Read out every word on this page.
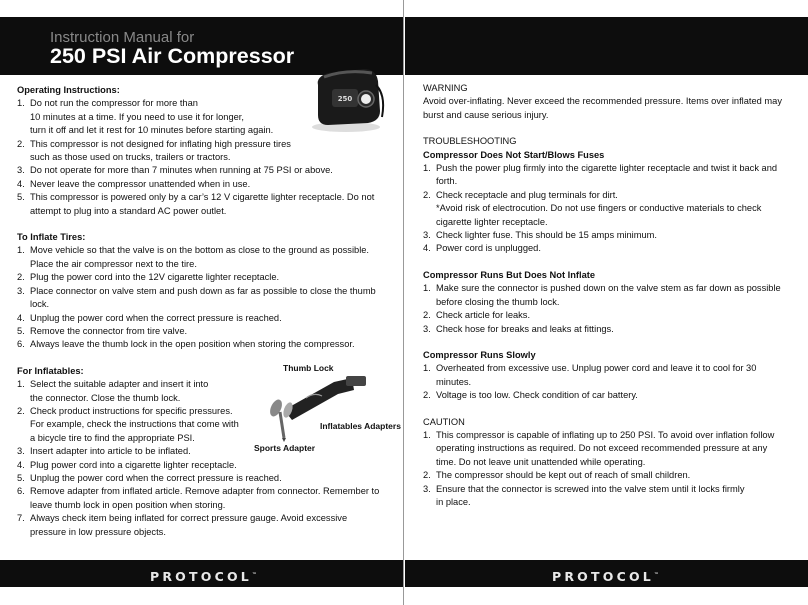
Instruction Manual for
250 PSI Air Compressor
250

Operating Instructions:

1. Do not run the compressor for more than
10 minutes at a time. If you need to use it for longer,
turn it off and let it rest for 10 minutes before starting again.
2. This compressor is not designed for inflating high pressure tires
such as those used on trucks, trailers or tractors.
3. Do not operate for more than 7 minutes when running at 75 PSI or above.
4. Never leave the compressor unattended when in use.
5. This compressor is powered only by a car’s 12 V cigarette lighter receptacle. Do not
attempt to plug into a standard AC power outlet.

To Inflate Tires:

1. Move vehicle so that the valve is on the bottom as close to the ground as possible.
Place the air compressor next to the tire.
2. Plug the power cord into the 12V cigarette lighter receptacle.
3. Place connector on valve stem and push down as far as possible to close the thumb
lock.
4. Unplug the power cord when the correct pressure is reached.
5. Remove the connector from tire valve.
6. Always leave the thumb lock in the open position when storing the compressor.

For Inflatables:

1. Select the suitable adapter and insert it into
the connector. Close the thumb lock.
2. Check product instructions for specific pressures.
For example, check the instructions that come with
a bicycle tire to find the appropriate PSI.
3. Insert adapter into article to be inflated.
4. Plug power cord into a cigarette lighter receptacle.
5. Unplug the power cord when the correct pressure is reached.
6. Remove adapter from inflated article. Remove adapter from connector. Remember to
leave thumb lock in open position when storing.
7. Always check item being inflated for correct pressure gauge. Avoid excessive
pressure in low pressure objects.
Thumb Lock
Inflatables Adapters
Sports Adapter
PROTOCOL™

WARNING

Avoid over-inflating. Never exceed the recommended pressure. Items over inflated may
burst and cause serious injury.

TROUBLESHOOTING

Compressor Does Not Start/Blows Fuses

1. Push the power plug firmly into the cigarette lighter receptacle and twist it back and
forth.
2. Check receptacle and plug terminals for dirt.
*Avoid risk of electrocution. Do not use fingers or conductive materials to check
cigarette lighter receptacle.
3. Check lighter fuse. This should be 15 amps minimum.
4. Power cord is unplugged.

Compressor Runs But Does Not Inflate

1. Make sure the connector is pushed down on the valve stem as far down as possible
before closing the thumb lock.
2. Check article for leaks.
3. Check hose for breaks and leaks at fittings.

Compressor Runs Slowly

1. Overheated from excessive use. Unplug power cord and leave it to cool for 30
minutes.
2. Voltage is too low. Check condition of car battery.

CAUTION

1. This compressor is capable of inflating up to 250 PSI. To avoid over inflation follow
operating instructions as required. Do not exceed recommended pressure at any
time. Do not leave unit unattended while operating.
2. The compressor should be kept out of reach of small children.
3. Ensure that the connector is screwed into the valve stem until it locks firmly
in place.
PROTOCOL™
